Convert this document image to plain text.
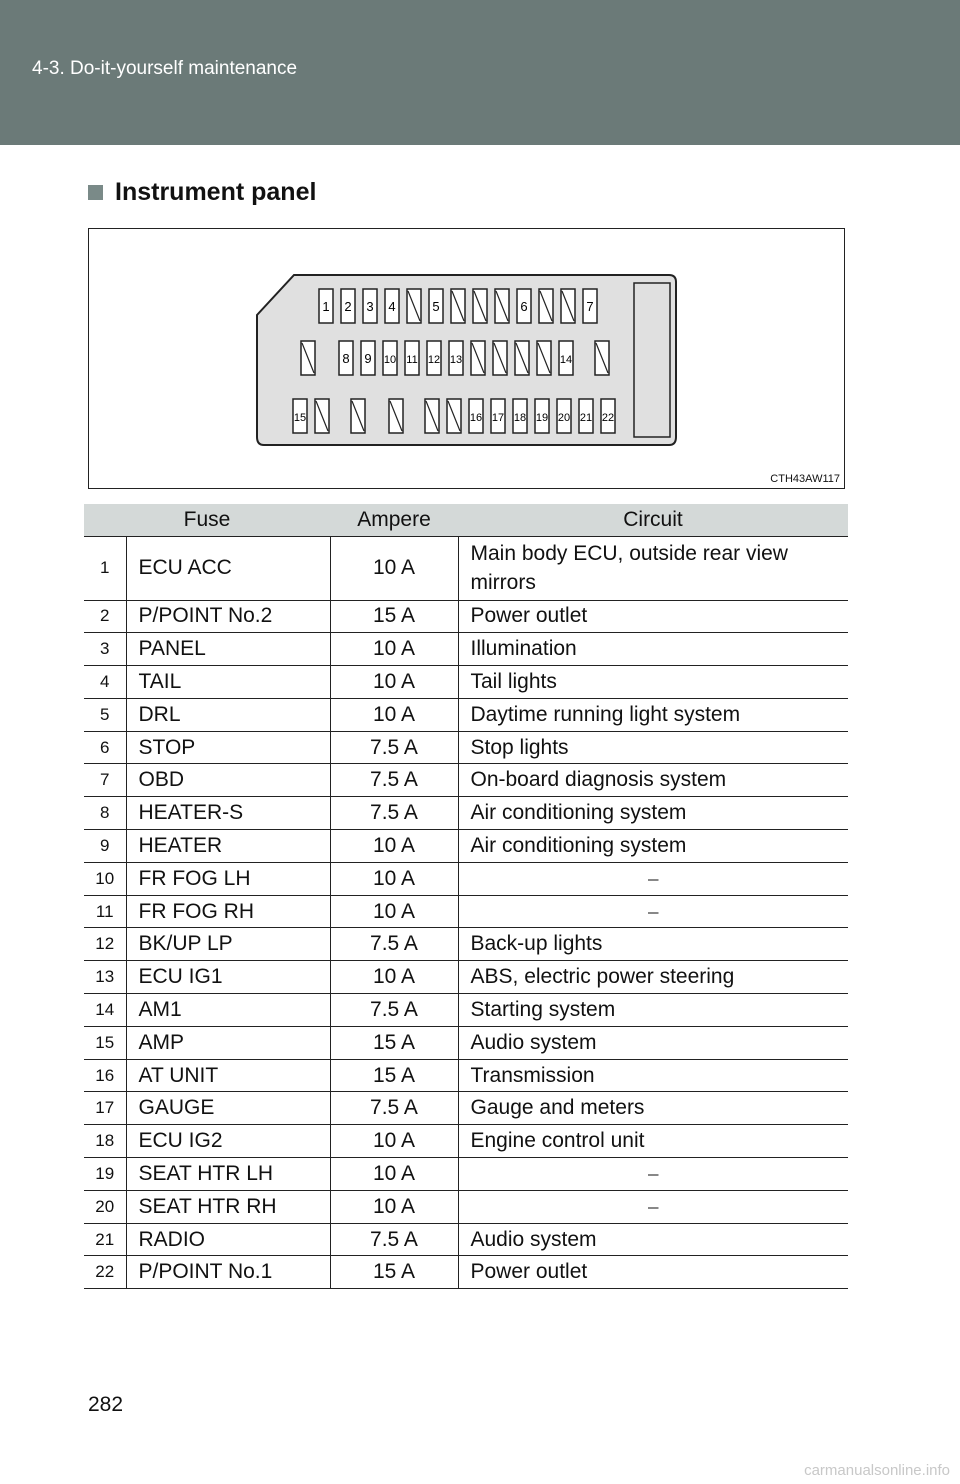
4-3. Do-it-yourself maintenance
Instrument panel
1 2 3 4	5	6	7
8 9 10 11 12 13	14
15	16 17 18 19 20 21 22
CTH43AW117
Fuse		Ampere	Circuit
1	ECU ACC	10 A	Main body ECU, outside rear view mirrors
2	P/POINT No.2	15 A	Power outlet
3	PANEL	10 A	Illumination
4	TAIL	10 A	Tail lights
5	DRL	10 A	Daytime running light system
6	STOP	7.5 A	Stop lights
7	OBD	7.5 A	On-board diagnosis system
8	HEATER-S	7.5 A	Air conditioning system
9	HEATER	10 A	Air conditioning system
10	FR FOG LH	10 A	⎯
11	FR FOG RH	10 A	⎯
12	BK/UP LP	7.5 A	Back-up lights
13	ECU IG1	10 A	ABS, electric power steering
14	AM1	7.5 A	Starting system
15	AMP	15 A	Audio system
16	AT UNIT	15 A	Transmission
17	GAUGE	7.5 A	Gauge and meters
18	ECU IG2	10 A	Engine control unit
19	SEAT HTR LH	10 A	⎯
20	SEAT HTR RH	10 A	⎯
21	RADIO	7.5 A	Audio system
22	P/POINT No.1	15 A	Power outlet
282
carmanualsonline.info
